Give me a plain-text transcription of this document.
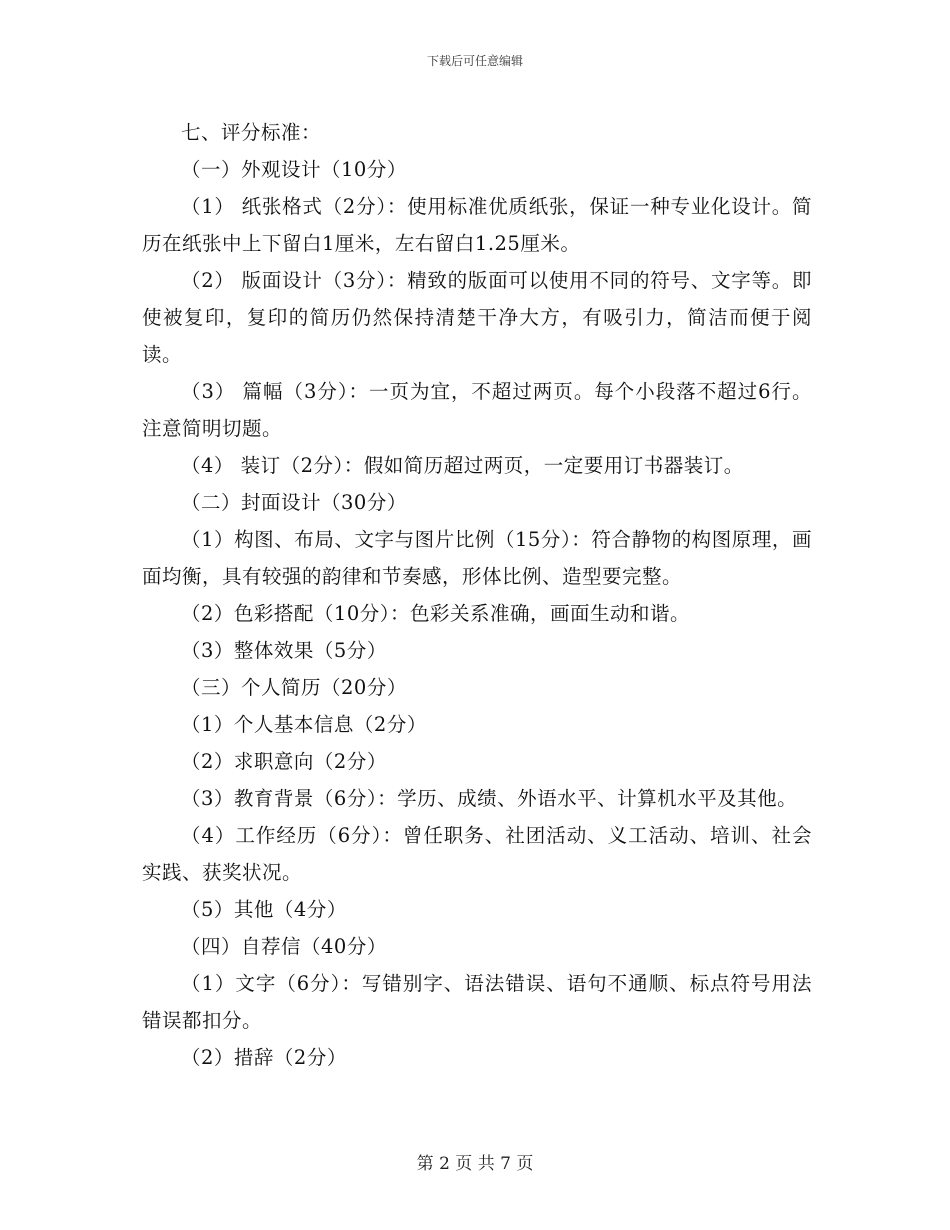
下载后可任意编辑

七、评分标准：

（一）外观设计（10分）

（1） 纸张格式（2分）：使用标准优质纸张，保证一种专业化设计。简历在纸张中上下留白1厘米，左右留白1.25厘米。

（2） 版面设计（3分）：精致的版面可以使用不同的符号、文字等。即使被复印，复印的简历仍然保持清楚干净大方，有吸引力，简洁而便于阅读。

（3） 篇幅（3分）：一页为宜，不超过两页。每个小段落不超过6行。注意简明切题。

（4） 装订（2分）：假如简历超过两页，一定要用订书器装订。

（二）封面设计（30分）

（1）构图、布局、文字与图片比例（15分）：符合静物的构图原理，画面均衡，具有较强的韵律和节奏感，形体比例、造型要完整。

（2）色彩搭配（10分）：色彩关系准确，画面生动和谐。

（3）整体效果（5分）

（三）个人简历（20分）

（1）个人基本信息（2分）

（2）求职意向（2分）

（3）教育背景（6分）：学历、成绩、外语水平、计算机水平及其他。

（4）工作经历（6分）：曾任职务、社团活动、义工活动、培训、社会实践、获奖状况。

（5）其他（4分）

（四）自荐信（40分）

（1）文字（6分）：写错别字、语法错误、语句不通顺、标点符号用法错误都扣分。

（2）措辞（2分）

第 2 页 共 7 页
